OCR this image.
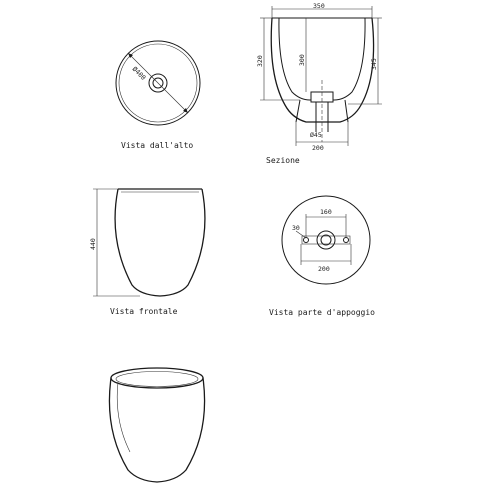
Ø400
Vista dall'alto
350
320	300	345
Ø45
200
Sezione
440
Vista frontale
160
30
200
Vista parte d'appoggio
